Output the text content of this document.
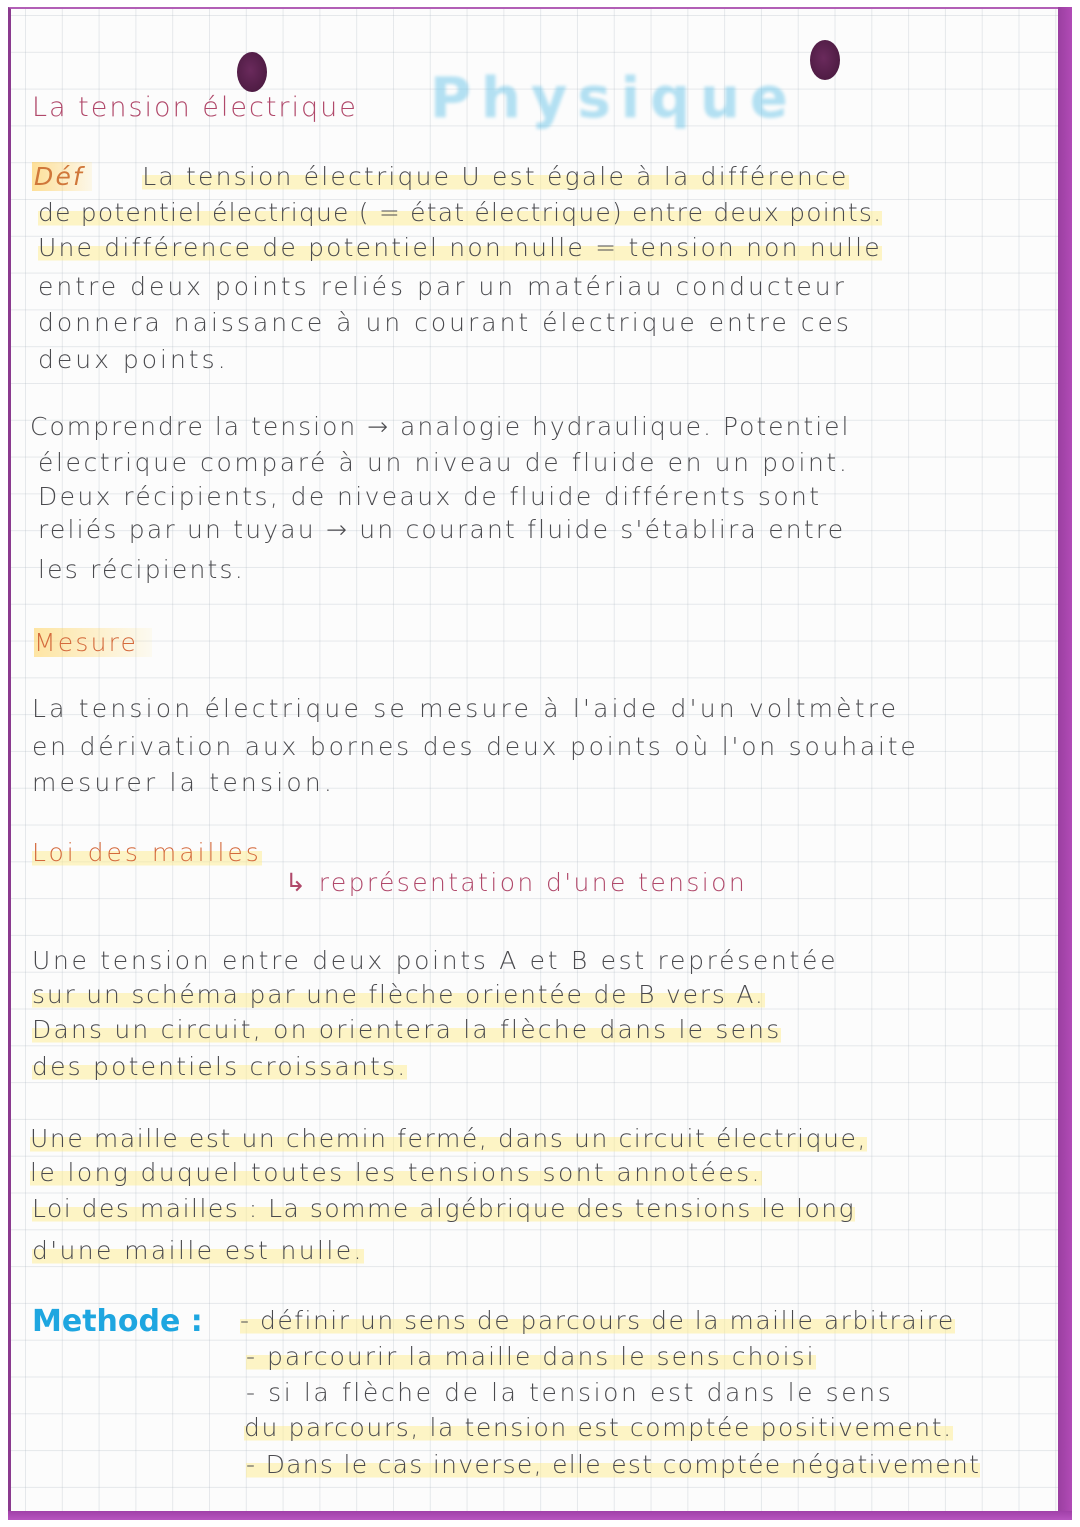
Physique
La tension électrique
Déf La tension électrique U est égale à la différence
de potentiel électrique ( = état électrique) entre deux points.
Une différence de potentiel non nulle = tension non nulle
entre deux points reliés par un matériau conducteur
donnera naissance à un courant électrique entre ces
deux points.
Comprendre la tension → analogie hydraulique. Potentiel
électrique comparé à un niveau de fluide en un point.
Deux récipients, de niveaux de fluide différents sont
reliés par un tuyau → un courant fluide s'établira entre
les récipients.
Mesure
La tension électrique se mesure à l'aide d'un voltmètre
en dérivation aux bornes des deux points où l'on souhaite
mesurer la tension.
Loi des mailles
↳ représentation d'une tension
Une tension entre deux points A et B est représentée
sur un schéma par une flèche orientée de B vers A.
Dans un circuit, on orientera la flèche dans le sens
des potentiels croissants.
Une maille est un chemin fermé, dans un circuit électrique,
le long duquel toutes les tensions sont annotées.
Loi des mailles : La somme algébrique des tensions le long
d'une maille est nulle.
Methode : - définir un sens de parcours de la maille arbitraire
- parcourir la maille dans le sens choisi
- si la flèche de la tension est dans le sens
du parcours, la tension est comptée positivement.
- Dans le cas inverse, elle est comptée négativement
